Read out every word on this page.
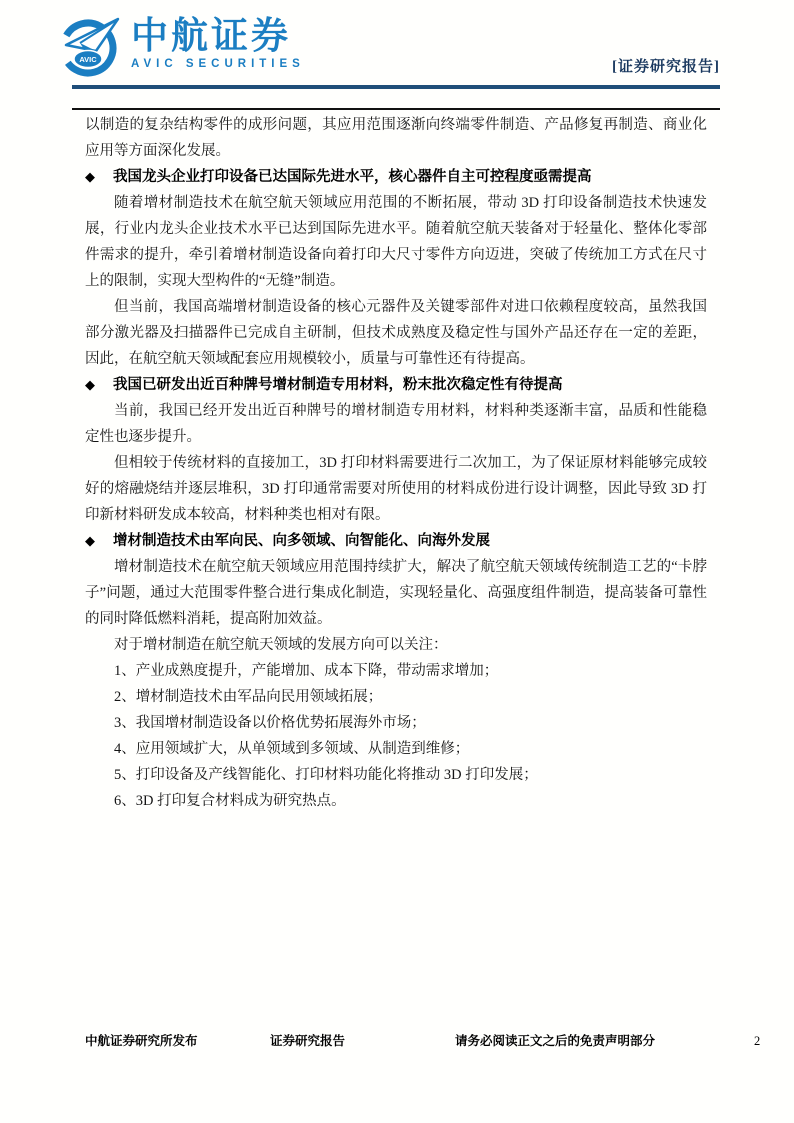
AVIC
中航证券
AVIC SECURITIES	[证券研究报告]

以制造的复杂结构零件的成形问题，其应用范围逐渐向终端零件制造、产品修复再制造、商业化应用等方面深化发展。

◆ 我国龙头企业打印设备已达国际先进水平，核心器件自主可控程度亟需提高

随着增材制造技术在航空航天领域应用范围的不断拓展，带动 3D 打印设备制造技术快速发展，行业内龙头企业技术水平已达到国际先进水平。随着航空航天装备对于轻量化、整体化零部件需求的提升，牵引着增材制造设备向着打印大尺寸零件方向迈进，突破了传统加工方式在尺寸上的限制，实现大型构件的“无缝”制造。

但当前，我国高端增材制造设备的核心元器件及关键零部件对进口依赖程度较高，虽然我国部分激光器及扫描器件已完成自主研制，但技术成熟度及稳定性与国外产品还存在一定的差距，因此，在航空航天领域配套应用规模较小，质量与可靠性还有待提高。

◆ 我国已研发出近百种牌号增材制造专用材料，粉末批次稳定性有待提高

当前，我国已经开发出近百种牌号的增材制造专用材料，材料种类逐渐丰富，品质和性能稳定性也逐步提升。

但相较于传统材料的直接加工，3D 打印材料需要进行二次加工，为了保证原材料能够完成较好的熔融烧结并逐层堆积，3D 打印通常需要对所使用的材料成份进行设计调整，因此导致 3D 打印新材料研发成本较高，材料种类也相对有限。

◆ 增材制造技术由军向民、向多领域、向智能化、向海外发展

增材制造技术在航空航天领域应用范围持续扩大，解决了航空航天领域传统制造工艺的“卡脖子”问题，通过大范围零件整合进行集成化制造，实现轻量化、高强度组件制造，提高装备可靠性的同时降低燃料消耗，提高附加效益。

对于增材制造在航空航天领域的发展方向可以关注：

1、产业成熟度提升，产能增加、成本下降，带动需求增加；

2、增材制造技术由军品向民用领域拓展；

3、我国增材制造设备以价格优势拓展海外市场；

4、应用领域扩大，从单领域到多领域、从制造到维修；

5、打印设备及产线智能化、打印材料功能化将推动 3D 打印发展；

6、3D 打印复合材料成为研究热点。

中航证券研究所发布	证券研究报告	请务必阅读正文之后的免责声明部分	2
